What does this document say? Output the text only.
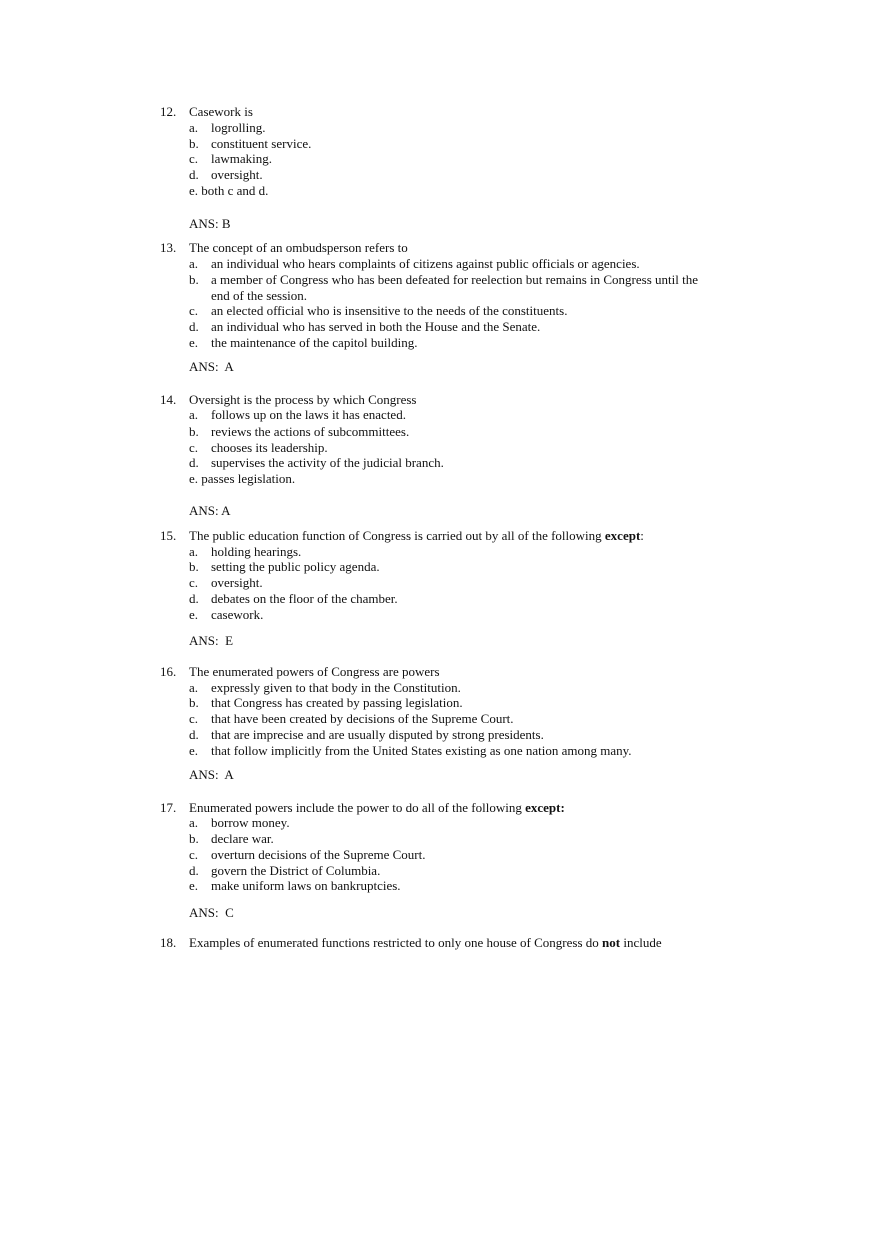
12. Casework is
a. logrolling.
b. constituent service.
c. lawmaking.
d. oversight.
e. both c and d.
ANS: B
13. The concept of an ombudsperson refers to
a. an individual who hears complaints of citizens against public officials or agencies.
b. a member of Congress who has been defeated for reelection but remains in Congress until the end of the session.
c. an elected official who is insensitive to the needs of the constituents.
d. an individual who has served in both the House and the Senate.
e. the maintenance of the capitol building.
ANS:  A
14. Oversight is the process by which Congress
a. follows up on the laws it has enacted.
b. reviews the actions of subcommittees.
c. chooses its leadership.
d. supervises the activity of the judicial branch.
e. passes legislation.
ANS: A
15. The public education function of Congress is carried out by all of the following except:
a. holding hearings.
b. setting the public policy agenda.
c. oversight.
d. debates on the floor of the chamber.
e. casework.
ANS:  E
16. The enumerated powers of Congress are powers
a. expressly given to that body in the Constitution.
b. that Congress has created by passing legislation.
c. that have been created by decisions of the Supreme Court.
d. that are imprecise and are usually disputed by strong presidents.
e. that follow implicitly from the United States existing as one nation among many.
ANS:  A
17. Enumerated powers include the power to do all of the following except:
a. borrow money.
b. declare war.
c. overturn decisions of the Supreme Court.
d. govern the District of Columbia.
e. make uniform laws on bankruptcies.
ANS:  C
18. Examples of enumerated functions restricted to only one house of Congress do not include
